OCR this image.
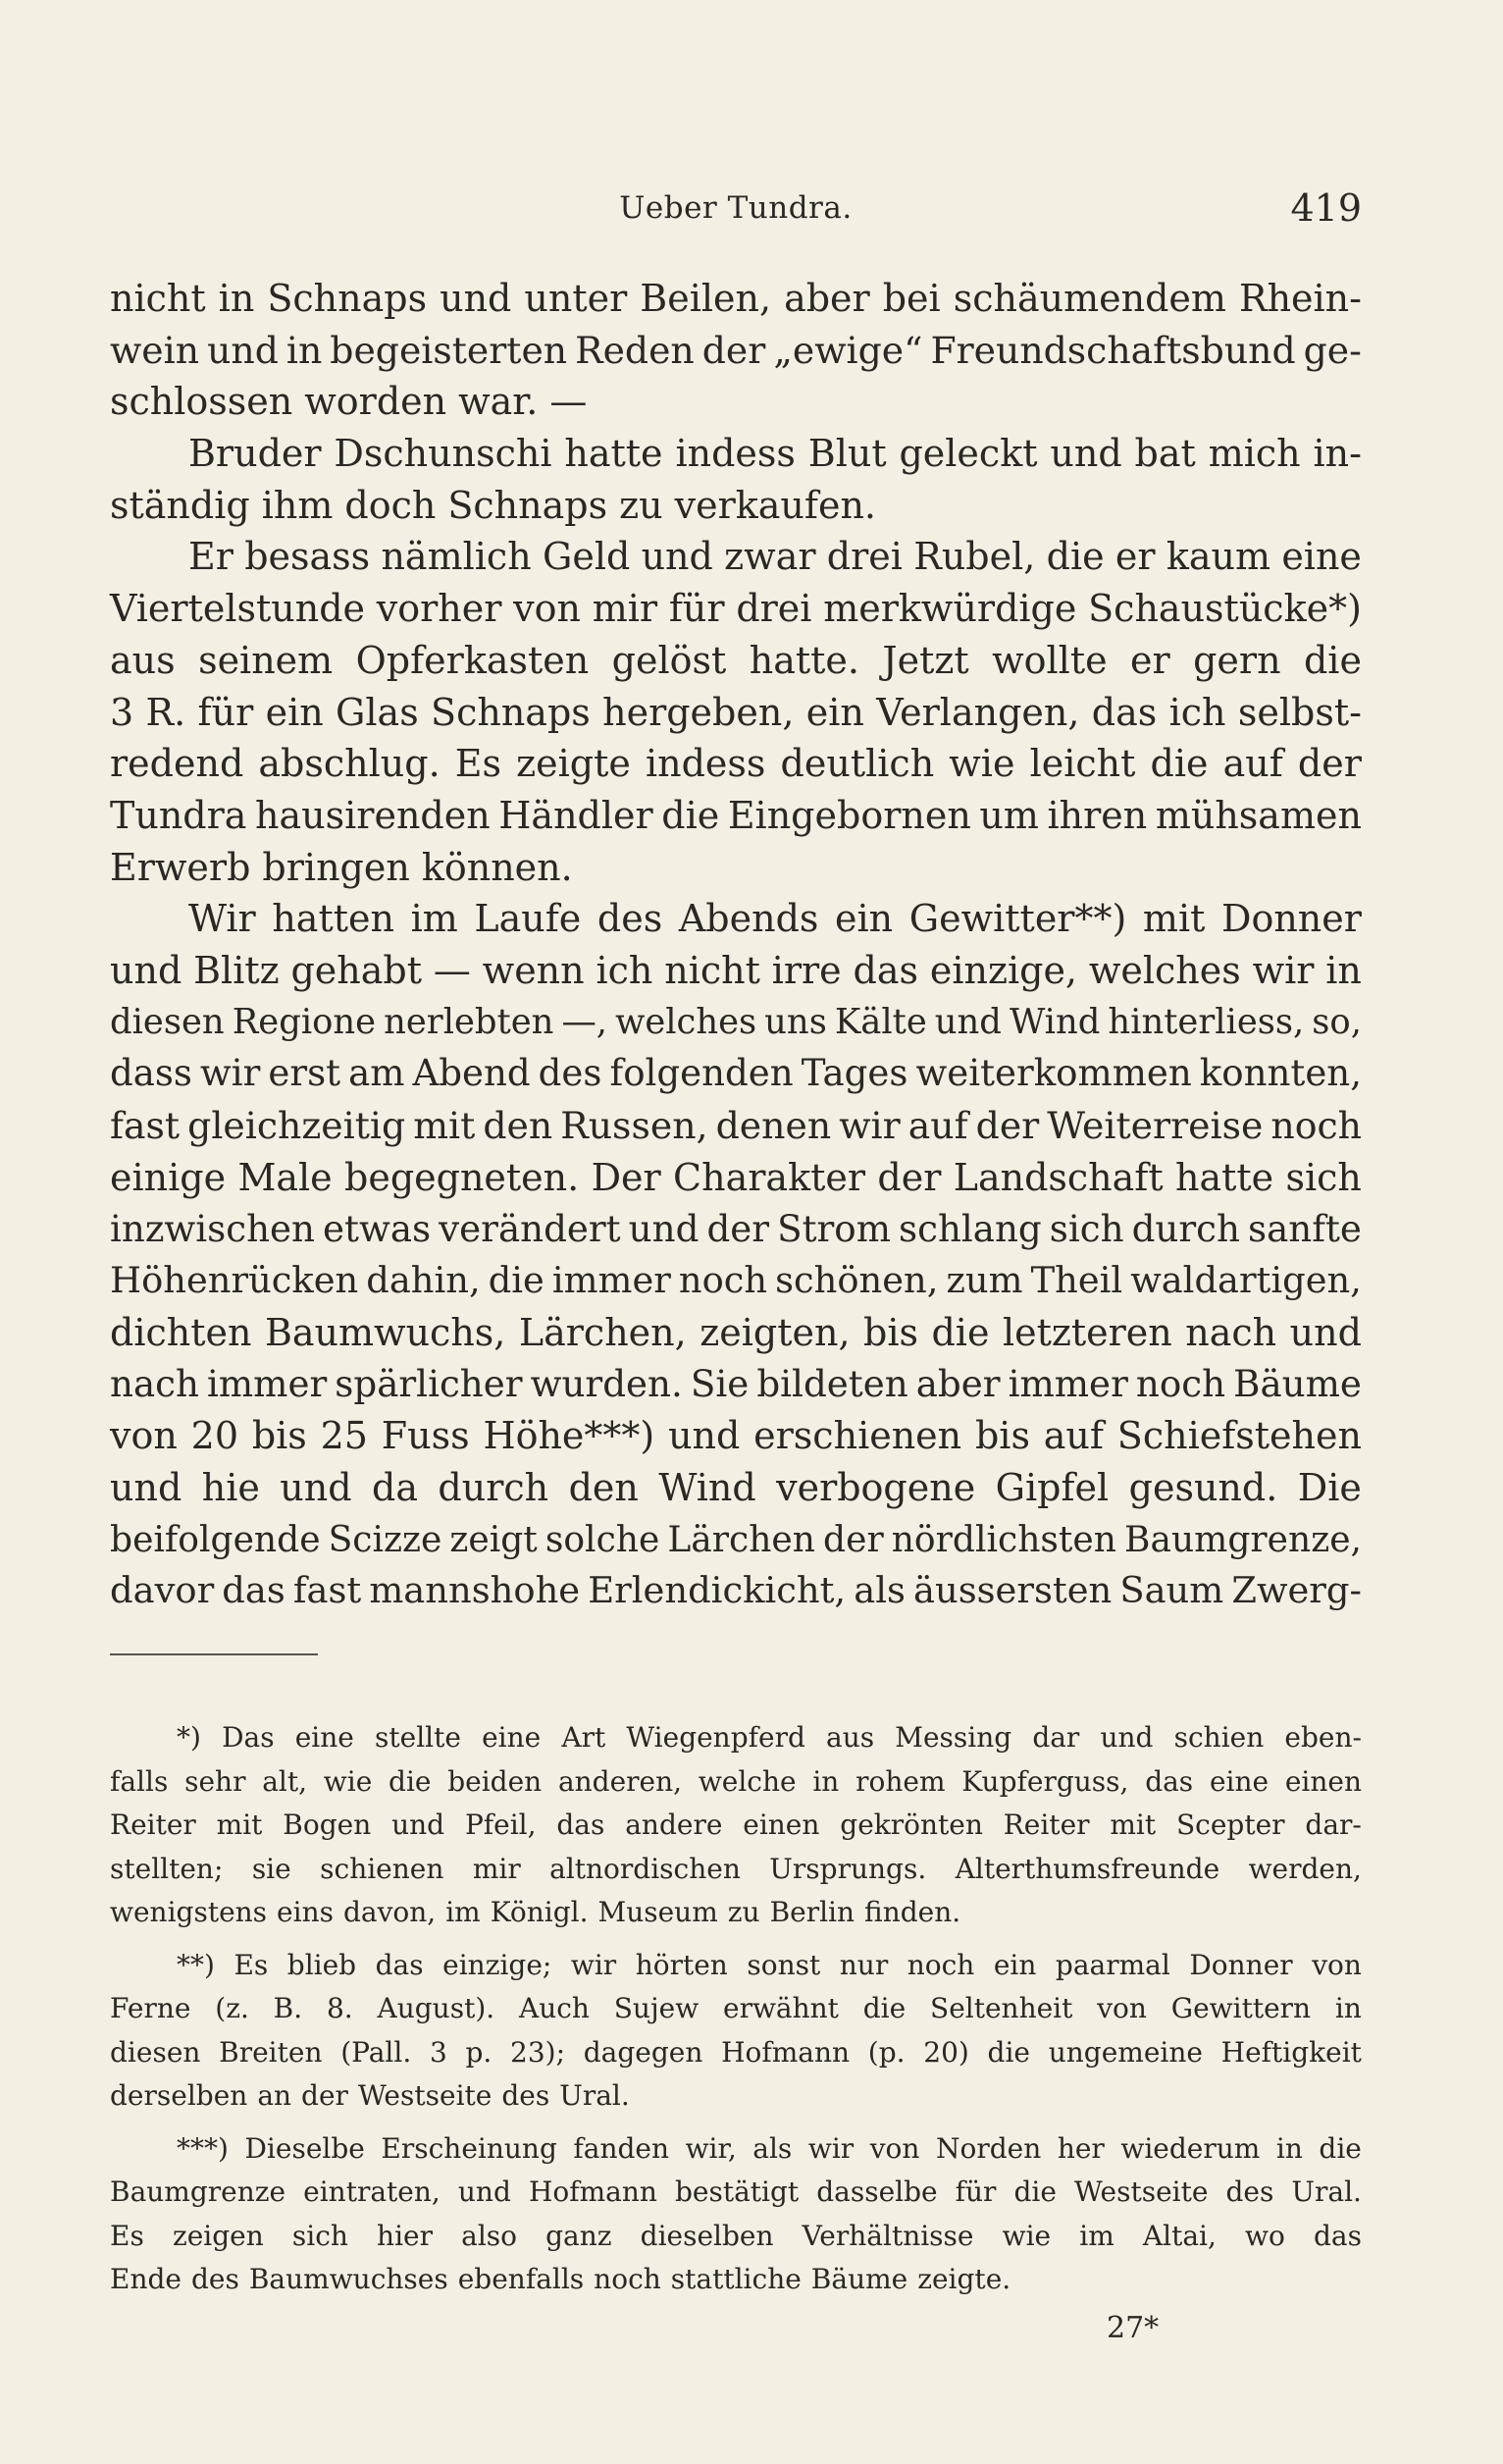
Ueber Tundra.	419
nicht in Schnaps und unter Beilen, aber bei schäumendem Rhein-
wein und in begeisterten Reden der „ewige“ Freundschaftsbund ge-
schlossen worden war. —
Bruder Dschunschi hatte indess Blut geleckt und bat mich in-
ständig ihm doch Schnaps zu verkaufen.
Er besass nämlich Geld und zwar drei Rubel, die er kaum eine
Viertelstunde vorher von mir für drei merkwürdige Schaustücke*)
aus seinem Opferkasten gelöst hatte. Jetzt wollte er gern die
3 R. für ein Glas Schnaps hergeben, ein Verlangen, das ich selbst-
redend abschlug. Es zeigte indess deutlich wie leicht die auf der
Tundra hausirenden Händler die Eingebornen um ihren mühsamen
Erwerb bringen können.
Wir hatten im Laufe des Abends ein Gewitter**) mit Donner
und Blitz gehabt — wenn ich nicht irre das einzige, welches wir in
diesen Regione nerlebten —, welches uns Kälte und Wind hinterliess, so,
dass wir erst am Abend des folgenden Tages weiterkommen konnten,
fast gleichzeitig mit den Russen, denen wir auf der Weiterreise noch
einige Male begegneten. Der Charakter der Landschaft hatte sich
inzwischen etwas verändert und der Strom schlang sich durch sanfte
Höhenrücken dahin, die immer noch schönen, zum Theil waldartigen,
dichten Baumwuchs, Lärchen, zeigten, bis die letzteren nach und
nach immer spärlicher wurden. Sie bildeten aber immer noch Bäume
von 20 bis 25 Fuss Höhe***) und erschienen bis auf Schiefstehen
und hie und da durch den Wind verbogene Gipfel gesund. Die
beifolgende Scizze zeigt solche Lärchen der nördlichsten Baumgrenze,
davor das fast mannshohe Erlendickicht, als äussersten Saum Zwerg-
*) Das eine stellte eine Art Wiegenpferd aus Messing dar und schien eben-
falls sehr alt, wie die beiden anderen, welche in rohem Kupferguss, das eine einen
Reiter mit Bogen und Pfeil, das andere einen gekrönten Reiter mit Scepter dar-
stellten; sie schienen mir altnordischen Ursprungs. Alterthumsfreunde werden,
wenigstens eins davon, im Königl. Museum zu Berlin finden.
**) Es blieb das einzige; wir hörten sonst nur noch ein paarmal Donner von
Ferne (z. B. 8. August). Auch Sujew erwähnt die Seltenheit von Gewittern in
diesen Breiten (Pall. 3 p. 23); dagegen Hofmann (p. 20) die ungemeine Heftigkeit
derselben an der Westseite des Ural.
***) Dieselbe Erscheinung fanden wir, als wir von Norden her wiederum in die
Baumgrenze eintraten, und Hofmann bestätigt dasselbe für die Westseite des Ural.
Es zeigen sich hier also ganz dieselben Verhältnisse wie im Altai, wo das
Ende des Baumwuchses ebenfalls noch stattliche Bäume zeigte.
27*
